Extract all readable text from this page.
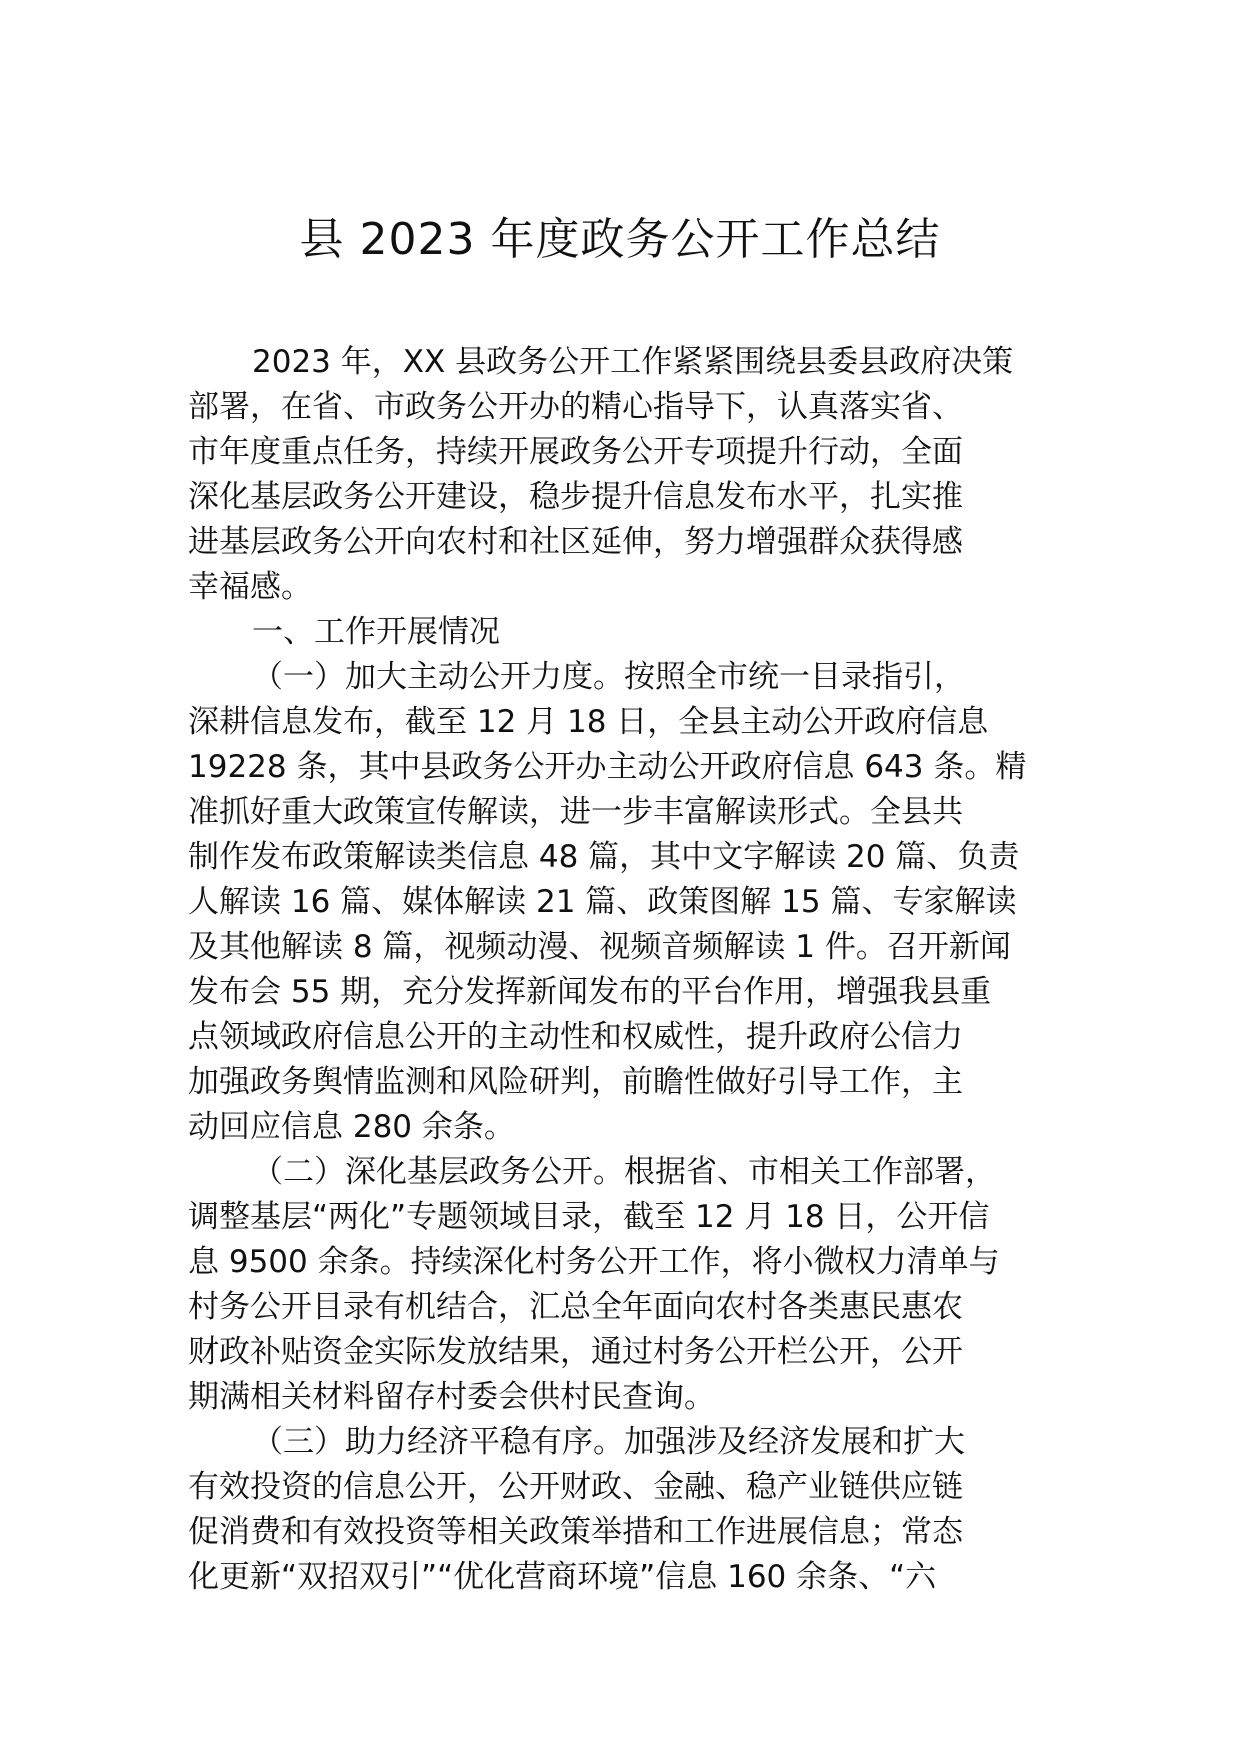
县 2023 年度政务公开工作总结
2023 年，XX 县政务公开工作紧紧围绕县委县政府决策
部署，在省、市政务公开办的精心指导下，认真落实省、
市年度重点任务，持续开展政务公开专项提升行动，全面
深化基层政务公开建设，稳步提升信息发布水平，扎实推
进基层政务公开向农村和社区延伸，努力增强群众获得感
幸福感。
一、工作开展情况
（一）加大主动公开力度。按照全市统一目录指引，
深耕信息发布，截至 12 月 18 日，全县主动公开政府信息
19228 条，其中县政务公开办主动公开政府信息 643 条。精
准抓好重大政策宣传解读，进一步丰富解读形式。全县共
制作发布政策解读类信息 48 篇，其中文字解读 20 篇、负责
人解读 16 篇、媒体解读 21 篇、政策图解 15 篇、专家解读
及其他解读 8 篇，视频动漫、视频音频解读 1 件。召开新闻
发布会 55 期，充分发挥新闻发布的平台作用，增强我县重
点领域政府信息公开的主动性和权威性，提升政府公信力
加强政务舆情监测和风险研判，前瞻性做好引导工作，主
动回应信息 280 余条。
（二）深化基层政务公开。根据省、市相关工作部署，
调整基层“两化”专题领域目录，截至 12 月 18 日，公开信
息 9500 余条。持续深化村务公开工作，将小微权力清单与
村务公开目录有机结合，汇总全年面向农村各类惠民惠农
财政补贴资金实际发放结果，通过村务公开栏公开，公开
期满相关材料留存村委会供村民查询。
（三）助力经济平稳有序。加强涉及经济发展和扩大
有效投资的信息公开，公开财政、金融、稳产业链供应链
促消费和有效投资等相关政策举措和工作进展信息；常态
化更新“双招双引”“优化营商环境”信息 160 余条、“六
